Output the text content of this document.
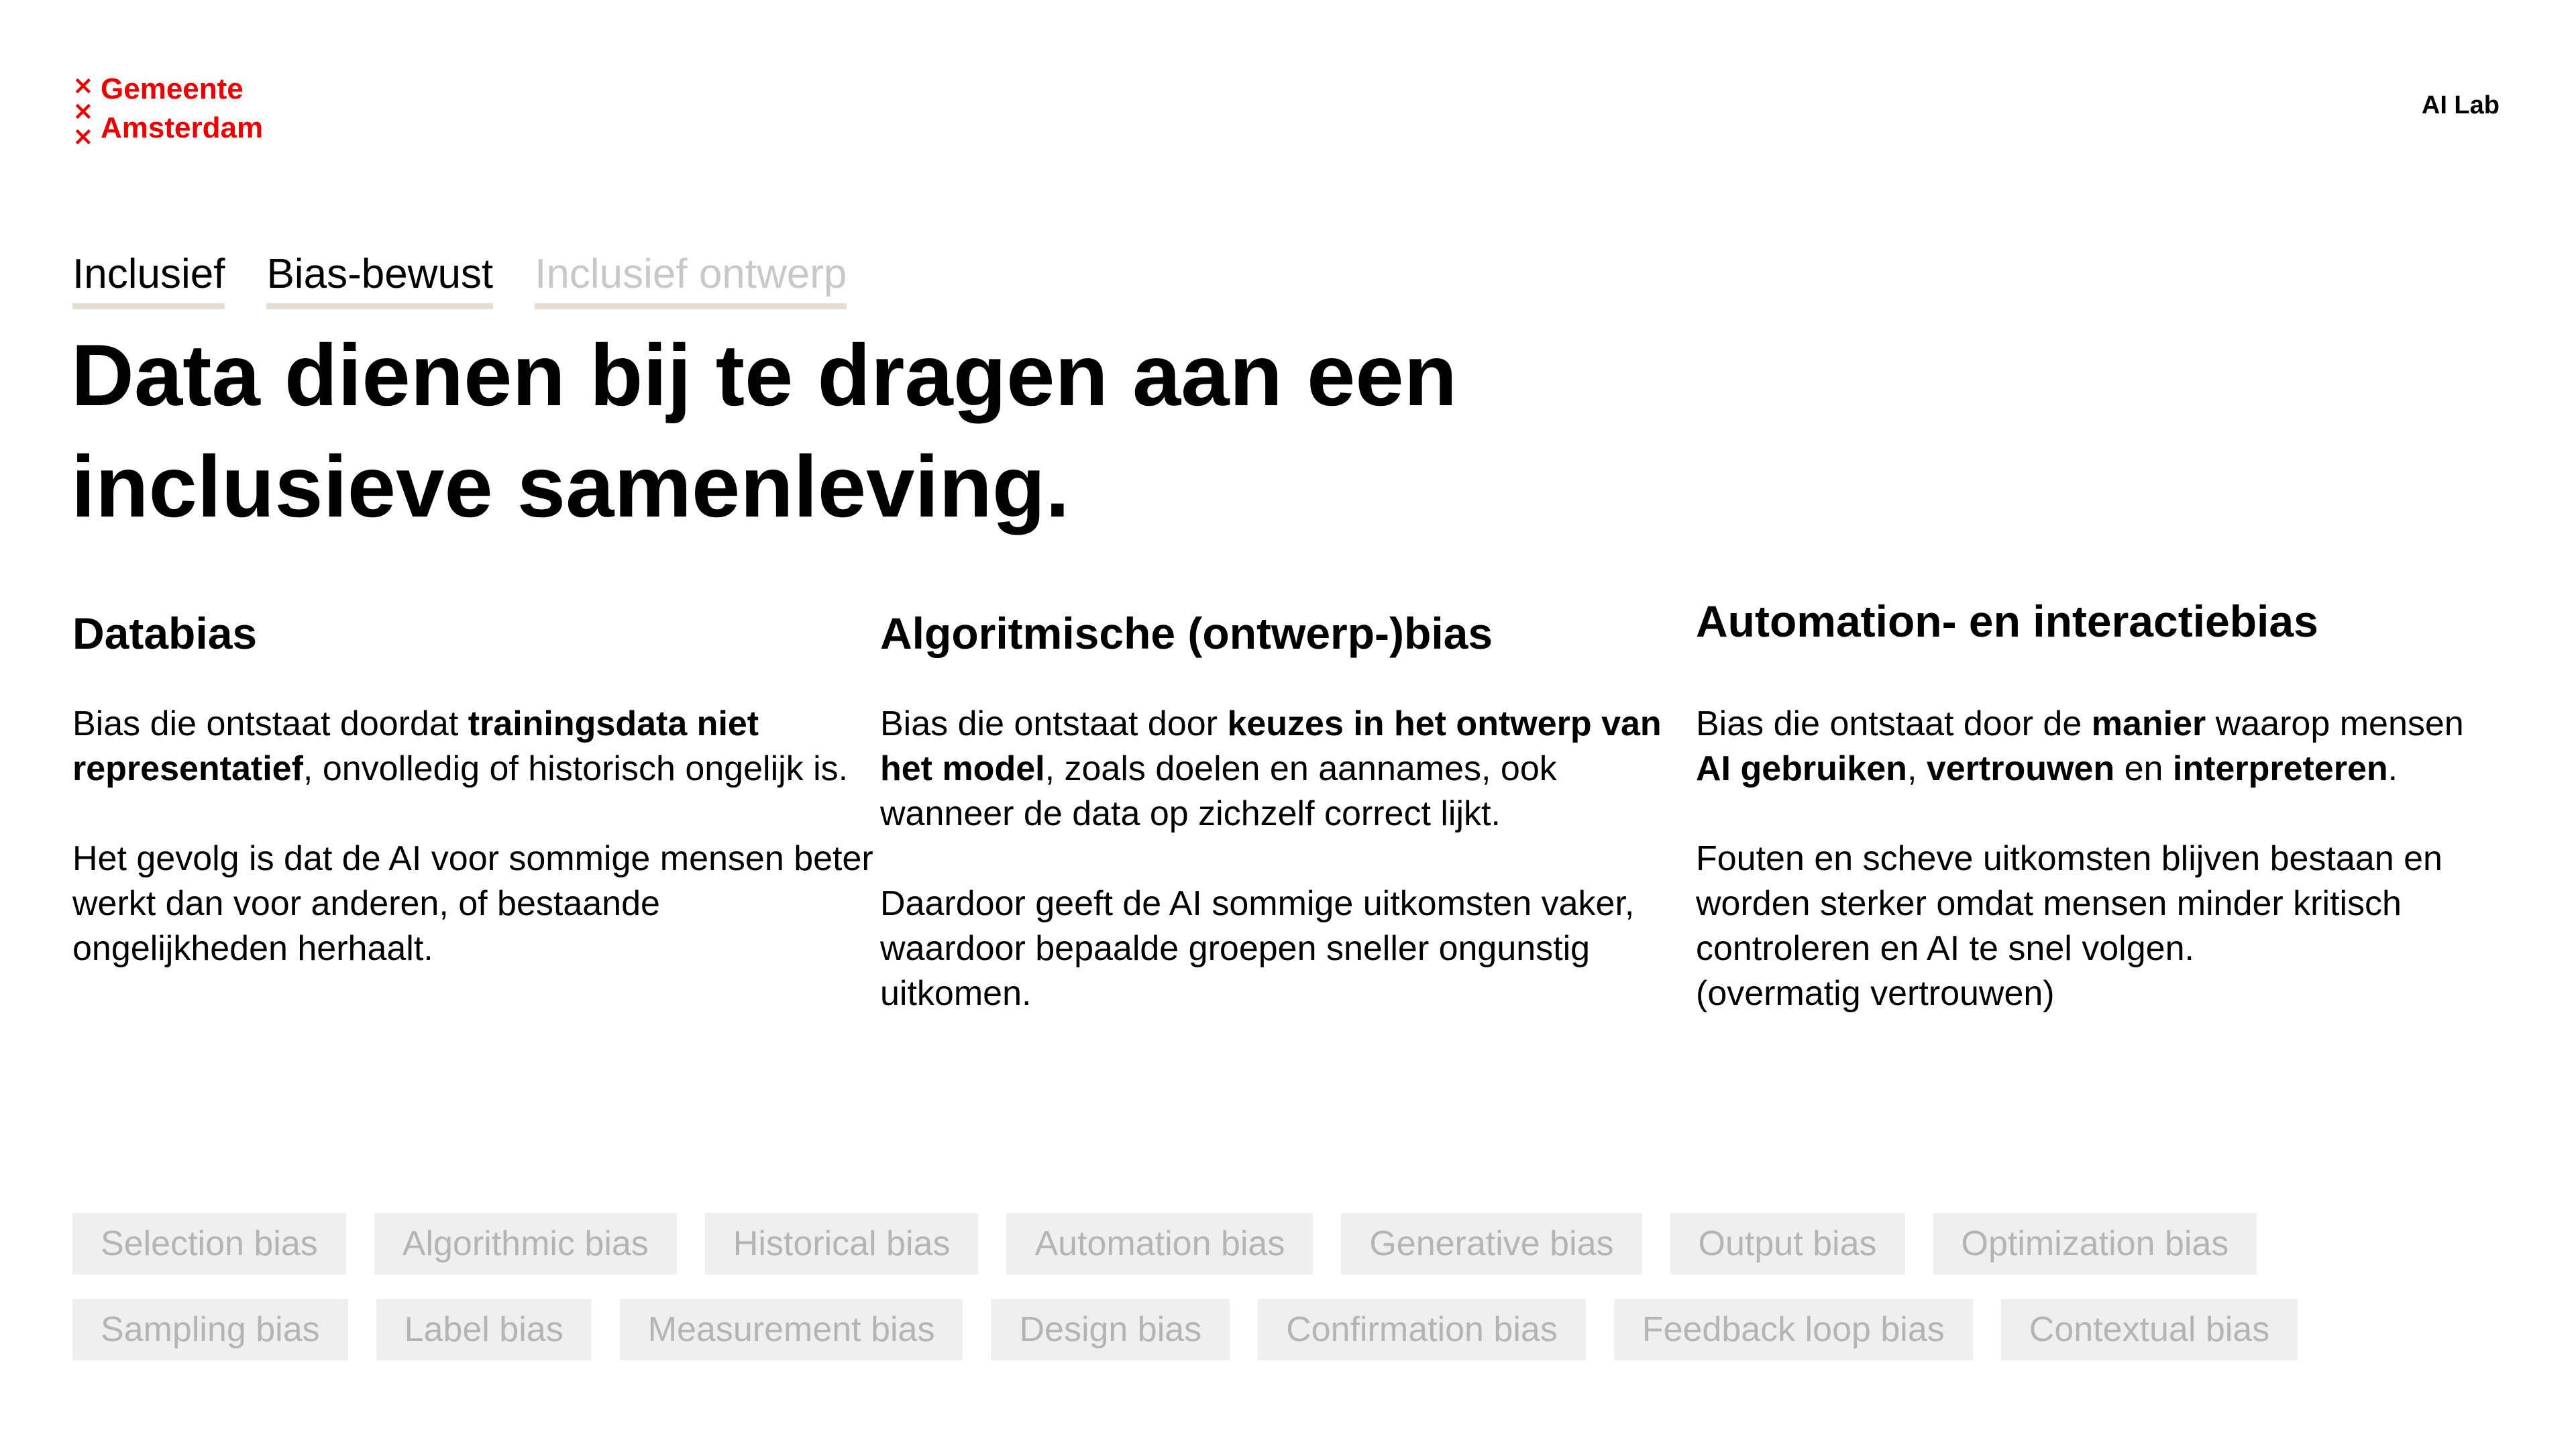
×
×
×
Gemeente
Amsterdam
AI Lab
Inclusief Bias-bewust Inclusief ontwerp
Data dienen bij te dragen aan een
inclusieve samenleving.
Databias

Bias die ontstaat doordat trainingsdata niet representatief, onvolledig of historisch ongelijk is.

Het gevolg is dat de AI voor sommige mensen beter werkt dan voor anderen, of bestaande ongelijkheden herhaalt.

Algoritmische (ontwerp-)bias

Bias die ontstaat door keuzes in het ontwerp van het model, zoals doelen en aannames, ook wanneer de data op zichzelf correct lijkt.

Daardoor geeft de AI sommige uitkomsten vaker, waardoor bepaalde groepen sneller ongunstig uitkomen.

Automation- en interactiebias

Bias die ontstaat door de manier waarop mensen AI gebruiken, vertrouwen en interpreteren.

Fouten en scheve uitkomsten blijven bestaan en worden sterker omdat mensen minder kritisch controleren en AI te snel volgen.

(overmatig vertrouwen)

Selection bias	Algorithmic bias	Historical bias	Automation bias	Generative bias	Output bias	Optimization bias
Sampling bias	Label bias	Measurement bias	Design bias	Confirmation bias	Feedback loop bias	Contextual bias
